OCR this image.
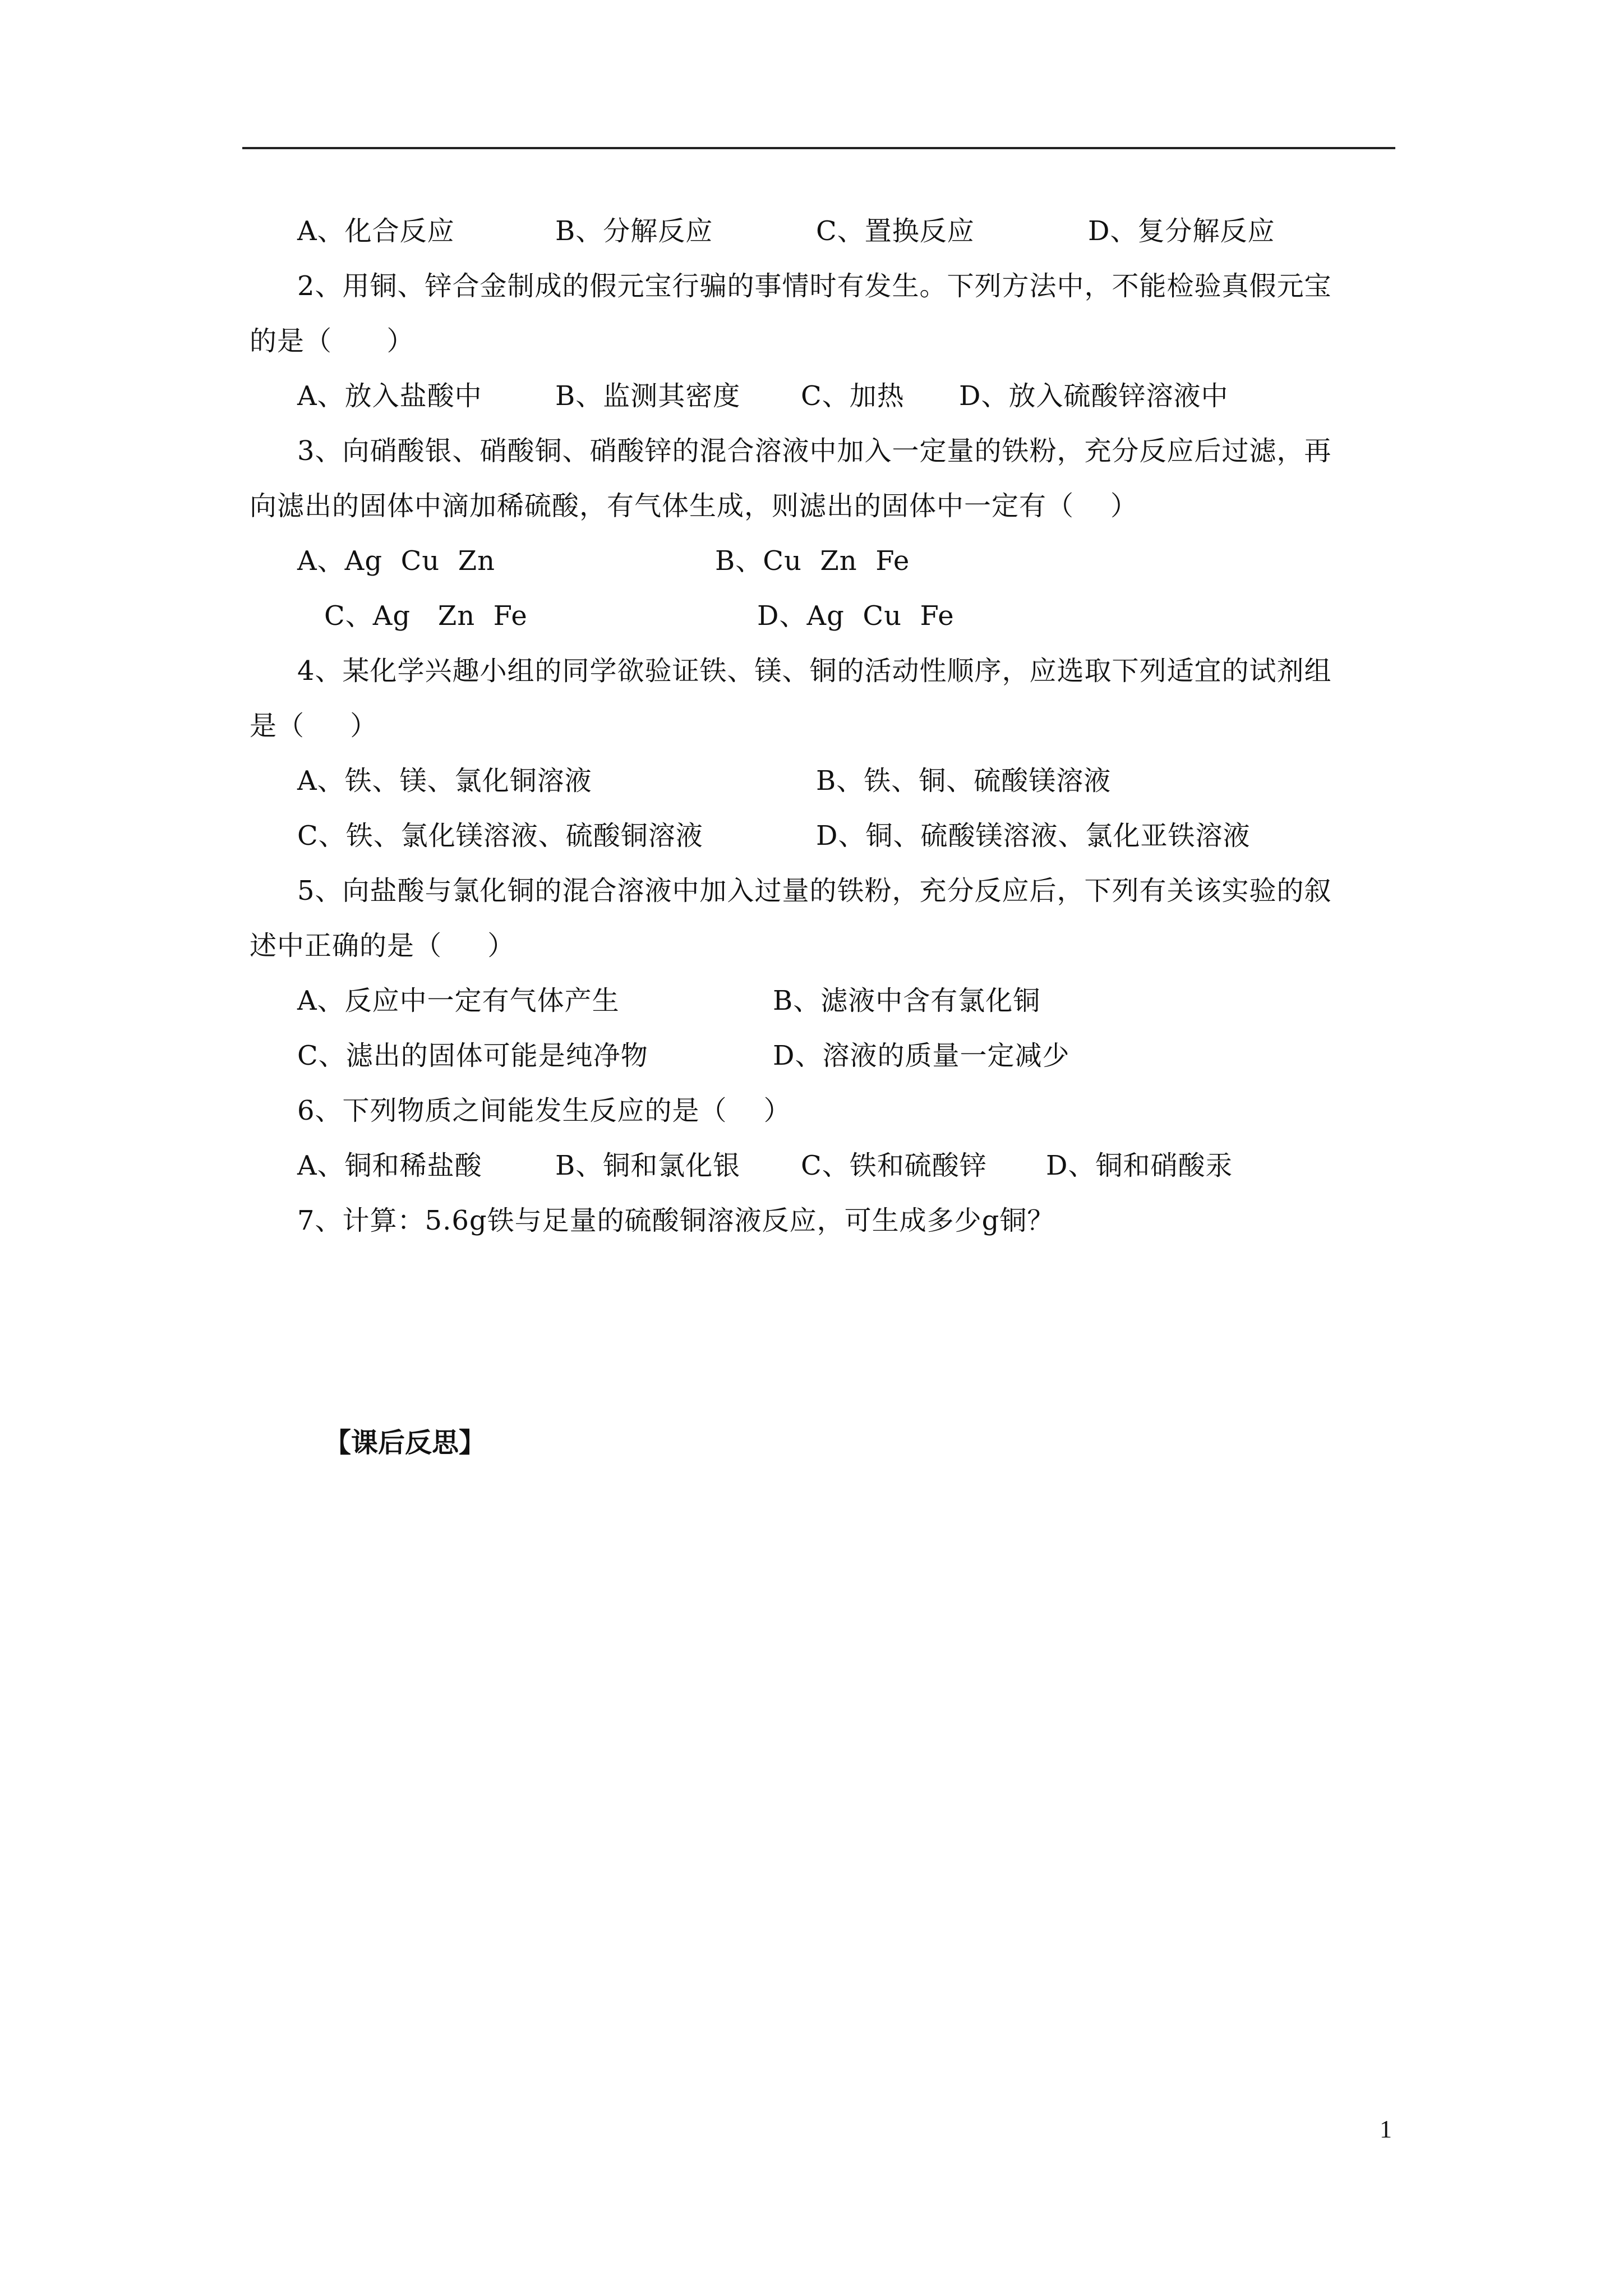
A、化合反应	B、分解反应	C、置换反应	D、复分解反应
2、用铜、锌合金制成的假元宝行骗的事情时有发生。下列方法中，不能检验真假元宝
的是（      ）
A、放入盐酸中	B、监测其密度 C、加热 D、放入硫酸锌溶液中
3、向硝酸银、硝酸铜、硝酸锌的混合溶液中加入一定量的铁粉，充分反应后过滤，再
向滤出的固体中滴加稀硫酸，有气体生成，则滤出的固体中一定有（    ）
A、Ag  Cu  Zn	B、Cu  Zn  Fe
C、Ag   Zn  Fe	D、Ag  Cu  Fe
4、某化学兴趣小组的同学欲验证铁、镁、铜的活动性顺序，应选取下列适宜的试剂组
是（     ）
A、铁、镁、氯化铜溶液	B、铁、铜、硫酸镁溶液
C、铁、氯化镁溶液、硫酸铜溶液	D、铜、硫酸镁溶液、氯化亚铁溶液
5、向盐酸与氯化铜的混合溶液中加入过量的铁粉，充分反应后，下列有关该实验的叙
述中正确的是（     ）
A、反应中一定有气体产生	B、滤液中含有氯化铜
C、滤出的固体可能是纯净物	D、溶液的质量一定减少
6、下列物质之间能发生反应的是（    ）
A、铜和稀盐酸	B、铜和氯化银 C、铁和硫酸锌 D、铜和硝酸汞
7、计算：5.6g铁与足量的硫酸铜溶液反应，可生成多少g铜？
【课后反思】
1
